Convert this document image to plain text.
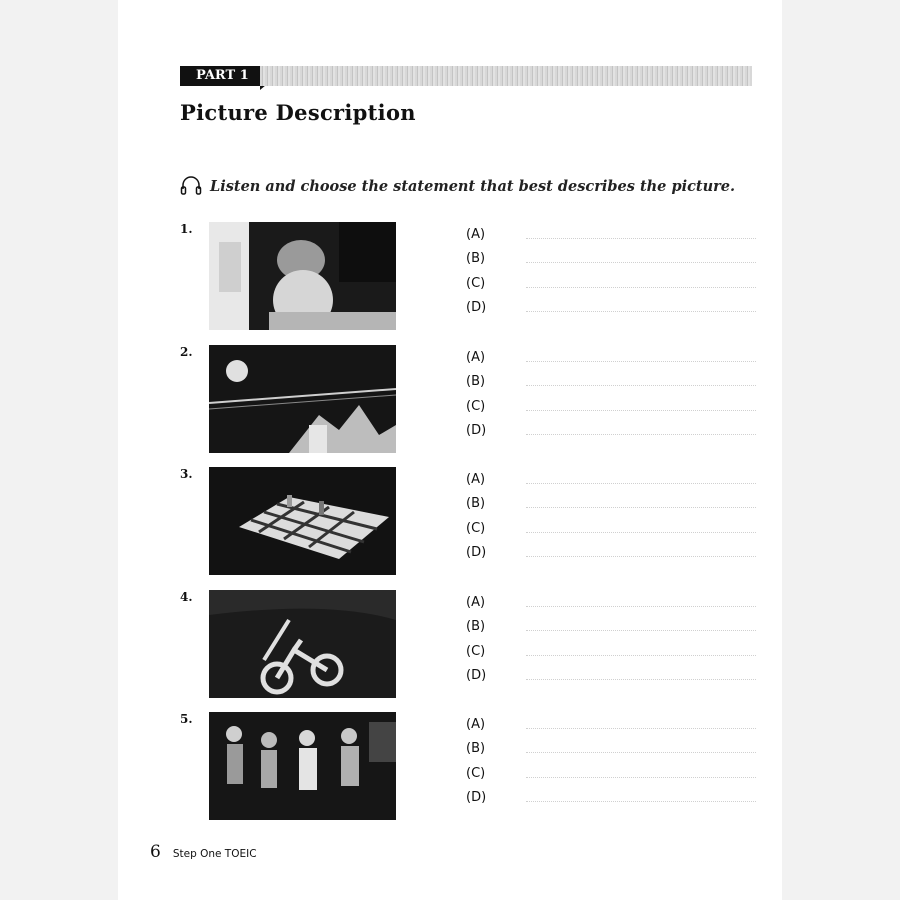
PART 1
Picture Description
Listen and choose the statement that best describes the picture.
1.	(A)
(B)
(C)
(D)
2.	(A)
(B)
(C)
(D)
3.	(A)
(B)
(C)
(D)
4.	(A)
(B)
(C)
(D)
5.	(A)
(B)
(C)
(D)
6 Step One TOEIC
